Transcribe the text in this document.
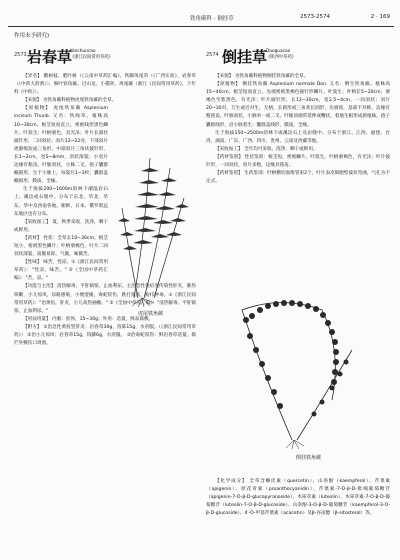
铁角蕨科 · 倒挂草	2573-2574	2 · 169
作用未予研究)
2573 岩春草
Yanchuncao
《浙江民间常用草药》	2574 倒挂草
Daoguacao
《陕西中草药》

【异名】 鹅树枝、肥叶树（《云南中草药汇编》，铁脚凤尾草（《广西实验》，岩春草（《中药大辞典》），细叶铁角蕨、过山龙、小猫骨、鸡尾蕨（浙江《民间常用草药》，下年料《中药》）。

【来源】 为铁角蕨科植物虎尾铁角蕨的全草。

【原植物】 虎尾铁角蕨 Asplenium incisum Thunb. 又名：铁线草。植株高10~30cm。根茎短而直立，密被线形黑色鳞片。叶簇生；叶柄栗色，具光泽；叶片长圆状披针形，二回羽状；羽片12~22对，下部羽片逐渐缩短成三角形，中部羽片三角状披针形，长1~2cm，宽5~8mm，羽状深裂；小羽片边缘有粗齿。叶脉羽状，小脉二叉。孢子囊群椭圆形，生于小脉上，每裂片1~3枚；囊群盖椭圆形，膜质，全缘。

生于海拔200~1600m的林下潮湿岩石上、溪边或石缝中。分布于东北、华北、华东、华中及西南各地。朝鲜、日本、俄罗斯远东地区也有分布。

【采收加工】 夏、秋季采收，洗净，晒干或鲜用。

【药材】 性状：全草长10~30cm。根茎短小，密被黑色鳞片；叶柄栗褐色，叶片二回羽状深裂，质脆易碎。气微，味微苦。

【性味】 味苦，性凉。①《浙江民间常用草药》："性凉，味苦。" ②《全国中草药汇编》："苦，凉。"

【功能与主治】 清热解毒，平肝镇惊，止血利尿。主治急性黄疸型传染性肝炎，肺热咳嗽，小儿惊风，尿路感染，小便涩痛，毒蛇咬伤，跌打损伤，痈疖肿毒。①《浙江民间常用草药》："治黄疸，肝炎，小儿高热抽搐。" ②《全国中草药汇编》："清热解毒，平肝镇惊，止血利尿。"

【用法用量】 内服：煎汤，15~30g；外用：适量，鲜品捣敷。

【附方】 ①治急性黄疸型肝炎：岩春草30g，茵陈15g，水煎服。（《浙江民间常用草药》） ②治小儿惊风：岩春草15g，钩藤6g，水煎服。 ③治毒蛇咬伤：鲜岩春草适量，捣烂外敷伤口周围。

虎尾铁角蕨

【来源】 为铁角蕨科植物倒挂铁角蕨的全草。

【原植物】 倒挂铁角蕨 Asplenium normale Don. 又名：倒生铁角蕨。植株高15~40cm。根茎短而直立，先端密被黑褐色披针形鳞片。叶簇生；叶柄长5~20cm，栗褐色至紫黑色，有光泽；叶片披针形，长12~30cm，宽2.5~4cm，一回羽状；羽片20~30对，互生或近对生，无柄，长圆形或三角状长圆形，先端钝，基部不对称，边缘有粗钝齿。叶脉羽状，小脉单一或二叉。叶轴顶端常延伸成鞭状，着地生根形成新植株。孢子囊群线形，沿小脉着生；囊群盖线形，膜质，全缘。

生于海拔150~2500m的林下或溪边石上及岩缝中。分布于浙江、江西、福建、台湾、湖南、广东、广西、四川、贵州、云南及西藏等地。

【采收加工】 全年均可采收，洗净，晒干或鲜用。

【药材鉴别】 性状鉴别：根茎短，密被鳞片。叶簇生，叶柄栗褐色，有光泽；叶片披针形，一回羽状，羽片多数，边缘具钝齿。

【药材鉴别】 生药鉴别：叶柄横切面维管束2个，叶片表皮细胞壁波状弯曲，气孔为不定式。

倒挂铁角蕨

【化学成分】 全草含槲皮素（quercetin）、山柰酚（kaempferol）、芹菜素（apigenin）、原花青素（proanthocyanidin）、芹菜素-7-O-β-D-吡喃葡萄糖苷（apigenin-7-O-β-D-glucopyranoside）、木犀草素（luteolin）、木犀草素-7-O-β-D-葡萄糖苷（luteolin-7-O-β-D-glucoside）、山柰酚-3-O-β-D-葡萄糖苷（kaempferol-3-O-β-D-glucoside）、4′-O-甲基芹菜素（acacetin）及β-谷甾醇（β-sitosterol）等。
